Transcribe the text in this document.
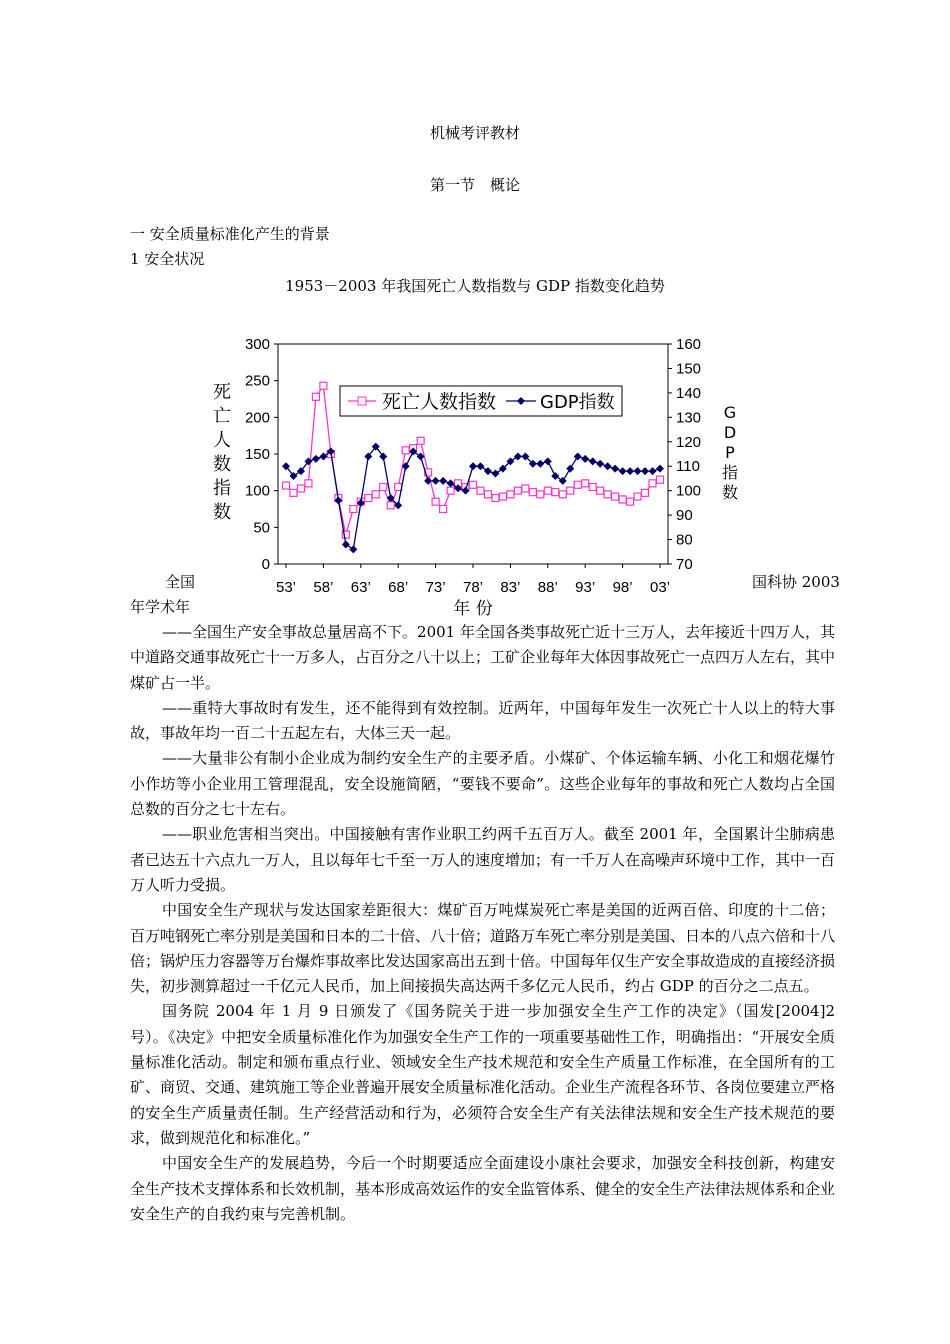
机械考评教材
第一节　概论
一 安全质量标准化产生的背景
1 安全状况
1953－2003 年我国死亡人数指数与 GDP 指数变化趋势
0
50
100
150
200
250
300
70
80
90
100
110
120
130
140
150
160
53’ 58’ 63’ 68’ 73’ 78’ 83’ 88’ 93’ 98’ 03’
年 份
死
亡
人
数
指
数
G
D
P
指
数
死亡人数指数 GDP指数
全国	国科协 2003
年学术年

——全国生产安全事故总量居高不下。2001 年全国各类事故死亡近十三万人，去年接近十四万人，其中道路交通事故死亡十一万多人，占百分之八十以上；工矿企业每年大体因事故死亡一点四万人左右，其中煤矿占一半。

——重特大事故时有发生，还不能得到有效控制。近两年，中国每年发生一次死亡十人以上的特大事故，事故年均一百二十五起左右，大体三天一起。

——大量非公有制小企业成为制约安全生产的主要矛盾。小煤矿、个体运输车辆、小化工和烟花爆竹小作坊等小企业用工管理混乱，安全设施简陋，“要钱不要命”。这些企业每年的事故和死亡人数均占全国总数的百分之七十左右。

——职业危害相当突出。中国接触有害作业职工约两千五百万人。截至 2001 年，全国累计尘肺病患者已达五十六点九一万人，且以每年七千至一万人的速度增加；有一千万人在高噪声环境中工作，其中一百万人听力受损。

中国安全生产现状与发达国家差距很大：煤矿百万吨煤炭死亡率是美国的近两百倍、印度的十二倍；百万吨钢死亡率分别是美国和日本的二十倍、八十倍；道路万车死亡率分别是美国、日本的八点六倍和十八倍；锅炉压力容器等万台爆炸事故率比发达国家高出五到十倍。中国每年仅生产安全事故造成的直接经济损失，初步测算超过一千亿元人民币，加上间接损失高达两千多亿元人民币，约占 GDP 的百分之二点五。

国务院 2004 年 1 月 9 日颁发了《国务院关于进一步加强安全生产工作的决定》（国发[2004]2 号）。《决定》中把安全质量标准化作为加强安全生产工作的一项重要基础性工作，明确指出：“开展安全质量标准化活动。制定和颁布重点行业、领域安全生产技术规范和安全生产质量工作标准，在全国所有的工矿、商贸、交通、建筑施工等企业普遍开展安全质量标准化活动。企业生产流程各环节、各岗位要建立严格的安全生产质量责任制。生产经营活动和行为，必须符合安全生产有关法律法规和安全生产技术规范的要求，做到规范化和标准化。”

中国安全生产的发展趋势，今后一个时期要适应全面建设小康社会要求，加强安全科技创新，构建安全生产技术支撑体系和长效机制，基本形成高效运作的安全监管体系、健全的安全生产法律法规体系和企业安全生产的自我约束与完善机制。
